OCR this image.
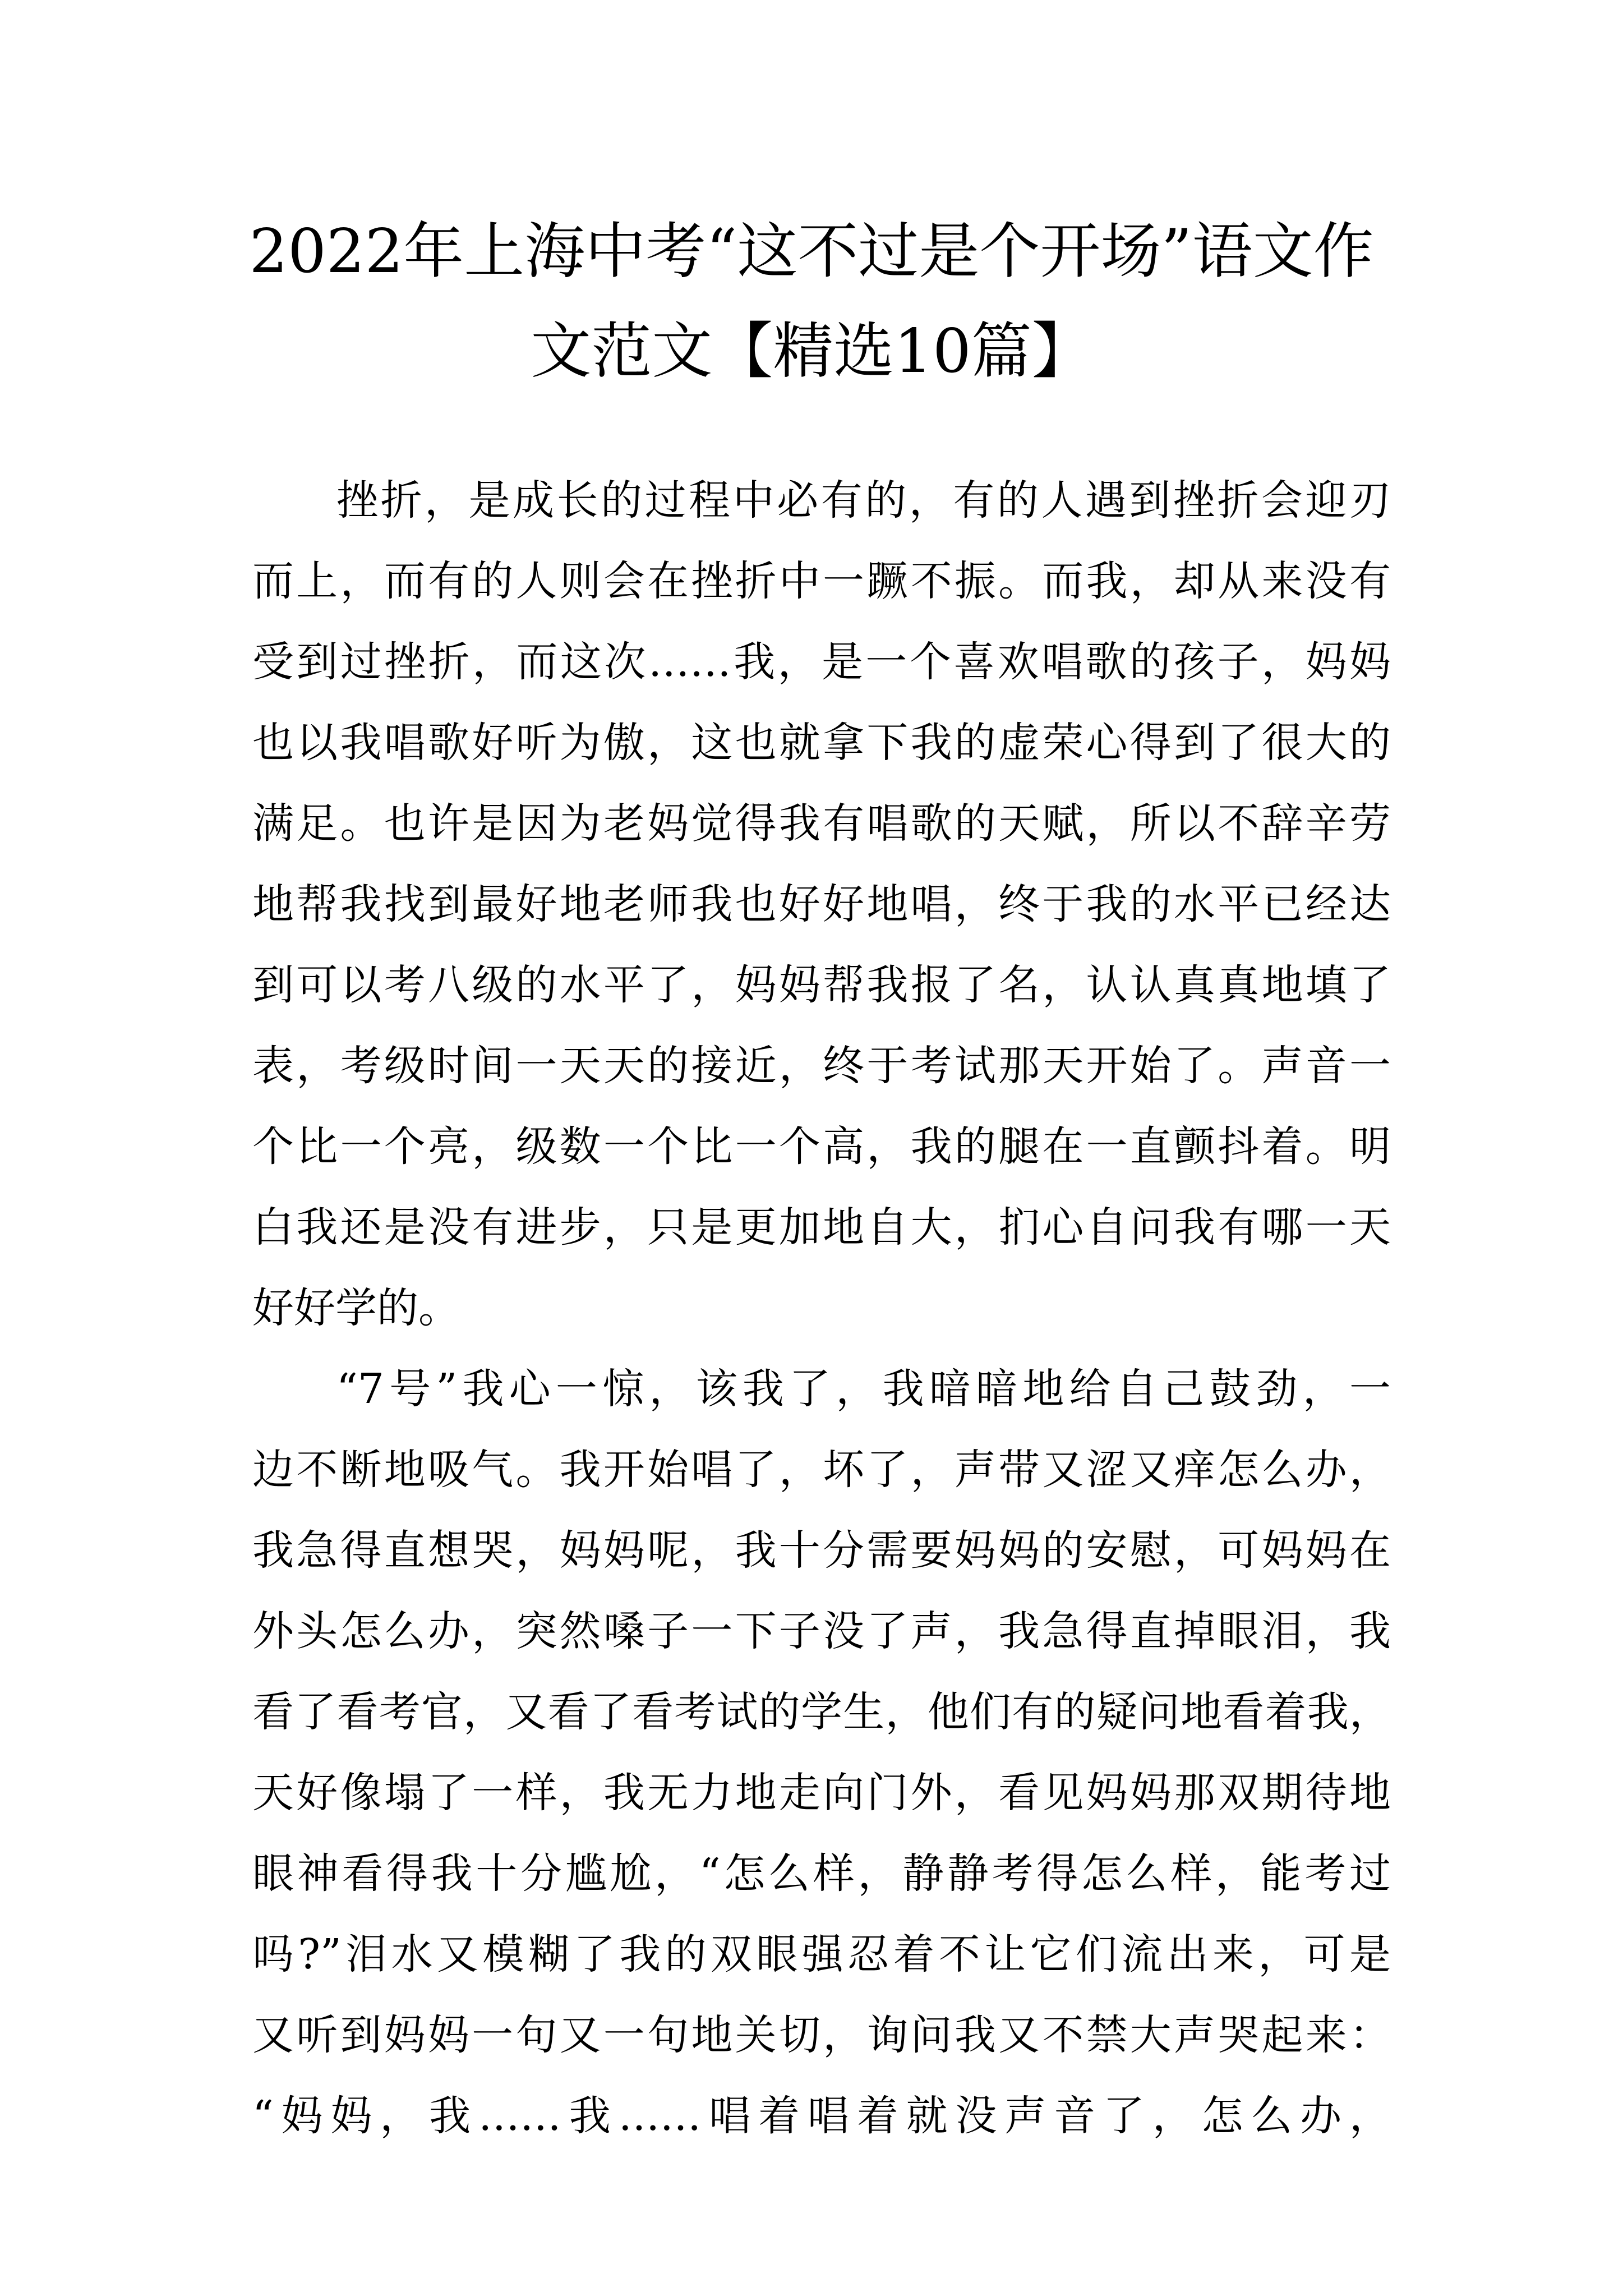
2022年上海中考“这不过是个开场”语文作
文范文【精选10篇】
挫折，是成长的过程中必有的，有的人遇到挫折会迎刃
而上，而有的人则会在挫折中一蹶不振。而我，却从来没有
受到过挫折，而这次……我，是一个喜欢唱歌的孩子，妈妈
也以我唱歌好听为傲，这也就拿下我的虚荣心得到了很大的
满足。也许是因为老妈觉得我有唱歌的天赋，所以不辞辛劳
地帮我找到最好地老师我也好好地唱，终于我的水平已经达
到可以考八级的水平了，妈妈帮我报了名，认认真真地填了
表，考级时间一天天的接近，终于考试那天开始了。声音一
个比一个亮，级数一个比一个高，我的腿在一直颤抖着。明
白我还是没有进步，只是更加地自大，扪心自问我有哪一天
好好学的。
“7号”我心一惊，该我了，我暗暗地给自己鼓劲，一
边不断地吸气。我开始唱了，坏了，声带又涩又痒怎么办，
我急得直想哭，妈妈呢，我十分需要妈妈的安慰，可妈妈在
外头怎么办，突然嗓子一下子没了声，我急得直掉眼泪，我
看了看考官，又看了看考试的学生，他们有的疑问地看着我，
天好像塌了一样，我无力地走向门外，看见妈妈那双期待地
眼神看得我十分尴尬，“怎么样，静静考得怎么样，能考过
吗?”泪水又模糊了我的双眼强忍着不让它们流出来，可是
又听到妈妈一句又一句地关切，询问我又不禁大声哭起来：
“妈妈，我……我……唱着唱着就没声音了，怎么办，
